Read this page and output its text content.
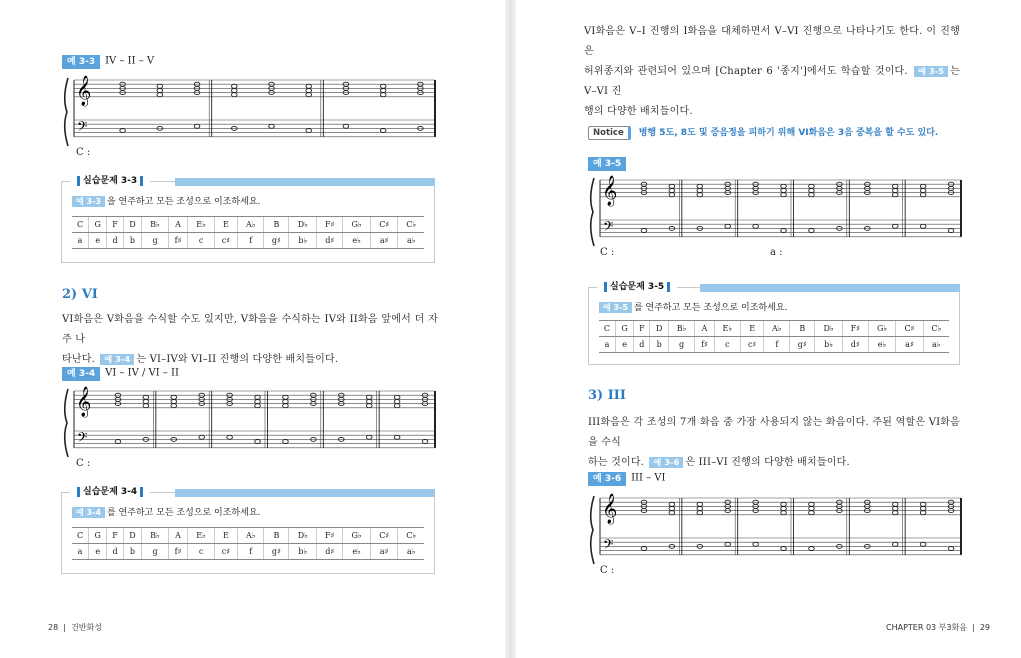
예 3-3 IV – II – V
𝄞
𝄢
C :
실습문제 3-3
예 3-3 을 연주하고 모든 조성으로 이조하세요.
C	G	F	D	B♭	A	E♭	E	A♭	B	D♭	F♯	G♭	C♯	C♭
a	e	d	b	g	f♯	c	c♯	f	g♯	b♭	d♯	e♭	a♯	a♭
2) VI
VI화음은 V화음을 수식할 수도 있지만, V화음을 수식하는 IV와 II화음 앞에서 더 자주 나
타난다. 예 3-4 는 VI–IV와 VI–II 진행의 다양한 배치들이다.
예 3-4 VI – IV / VI – II
𝄞
𝄢
C :
실습문제 3-4
예 3-4 를 연주하고 모든 조성으로 이조하세요.
C	G	F	D	B♭	A	E♭	E	A♭	B	D♭	F♯	G♭	C♯	C♭
a	e	d	b	g	f♯	c	c♯	f	g♯	b♭	d♯	e♭	a♯	a♭
28  |  건반화성
VI화음은 V–I 진행의 I화음을 대체하면서 V–VI 진행으로 나타나기도 한다. 이 진행은
허위종지와 관련되어 있으며 [Chapter 6 '종지']에서도 학습할 것이다. 예 3-5 는 V–VI 진
행의 다양한 배치들이다.
Notice 병행 5도, 8도 및 증음정을 피하기 위해 VI화음은 3음 중복을 할 수도 있다.
예 3-5
𝄞
𝄢
C :	a :
실습문제 3-5
예 3-5 를 연주하고 모든 조성으로 이조하세요.
C	G	F	D	B♭	A	E♭	E	A♭	B	D♭	F♯	G♭	C♯	C♭
a	e	d	b	g	f♯	c	c♯	f	g♯	b♭	d♯	e♭	a♯	a♭
3) III
III화음은 각 조성의 7개 화음 중 가장 사용되지 않는 화음이다. 주된 역할은 VI화음을 수식
하는 것이다. 예 3-6 은 III–VI 진행의 다양한 배치들이다.
예 3-6 III – VI
𝄞
𝄢
C :
CHAPTER 03 부3화음  |  29
